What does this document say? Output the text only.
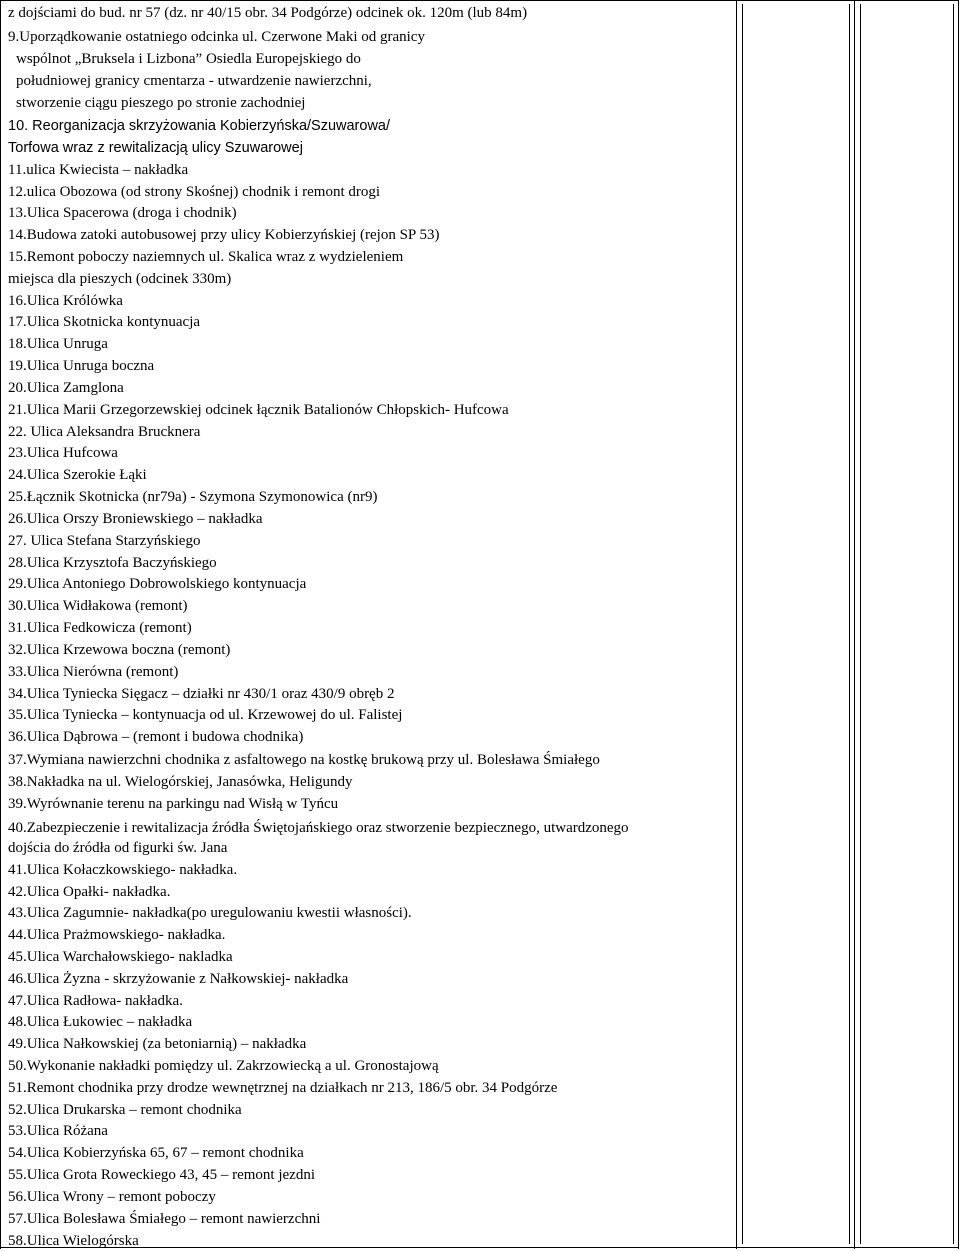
z dojściami do bud. nr 57 (dz. nr 40/15 obr. 34 Podgórze) odcinek ok. 120m (lub 84m)
9.Uporządkowanie ostatniego odcinka ul. Czerwone Maki od granicy
wspólnot „Bruksela i Lizbona” Osiedla Europejskiego do
południowej granicy cmentarza - utwardzenie nawierzchni,
stworzenie ciągu pieszego po stronie zachodniej
10. Reorganizacja skrzyżowania Kobierzyńska/Szuwarowa/
Torfowa wraz z rewitalizacją ulicy Szuwarowej
11.ulica Kwiecista – nakładka
12.ulica Obozowa (od strony Skośnej) chodnik i remont drogi
13.Ulica Spacerowa (droga i chodnik)
14.Budowa zatoki autobusowej przy ulicy Kobierzyńskiej (rejon SP 53)
15.Remont poboczy naziemnych ul. Skalica wraz z wydzieleniem
miejsca dla pieszych (odcinek 330m)
16.Ulica Królówka
17.Ulica Skotnicka kontynuacja
18.Ulica Unruga
19.Ulica Unruga boczna
20.Ulica Zamglona
21.Ulica Marii Grzegorzewskiej odcinek łącznik Batalionów Chłopskich- Hufcowa
22. Ulica Aleksandra Brucknera
23.Ulica Hufcowa
24.Ulica Szerokie Łąki
25.Łącznik Skotnicka (nr79a) - Szymona Szymonowica (nr9)
26.Ulica Orszy Broniewskiego – nakładka
27. Ulica Stefana Starzyńskiego
28.Ulica Krzysztofa Baczyńskiego
29.Ulica Antoniego Dobrowolskiego kontynuacja
30.Ulica Widłakowa (remont)
31.Ulica Fedkowicza (remont)
32.Ulica Krzewowa boczna (remont)
33.Ulica Nierówna (remont)
34.Ulica Tyniecka Sięgacz – działki nr 430/1 oraz 430/9 obręb 2
35.Ulica Tyniecka – kontynuacja od ul. Krzewowej do ul. Falistej
36.Ulica Dąbrowa – (remont i budowa chodnika)
37.Wymiana nawierzchni chodnika z asfaltowego na kostkę brukową przy ul. Bolesława Śmiałego
38.Nakładka na ul. Wielogórskiej, Janasówka, Heligundy
39.Wyrównanie terenu na parkingu nad Wisłą w Tyńcu
40.Zabezpieczenie i rewitalizacja źródła Świętojańskiego oraz stworzenie bezpiecznego, utwardzonego
dojścia do źródła od figurki św. Jana
41.Ulica Kołaczkowskiego- nakładka.
42.Ulica Opałki- nakładka.
43.Ulica Zagumnie- nakładka(po uregulowaniu kwestii własności).
44.Ulica Prażmowskiego- nakładka.
45.Ulica Warchałowskiego- nakladka
46.Ulica Żyzna - skrzyżowanie z Nałkowskiej- nakładka
47.Ulica Radłowa- nakładka.
48.Ulica Łukowiec – nakładka
49.Ulica Nałkowskiej (za betoniarnią) – nakładka
50.Wykonanie nakładki pomiędzy ul. Zakrzowiecką a ul. Gronostajową
51.Remont chodnika przy drodze wewnętrznej na działkach nr 213, 186/5 obr. 34 Podgórze
52.Ulica Drukarska – remont chodnika
53.Ulica Różana
54.Ulica Kobierzyńska 65, 67 – remont chodnika
55.Ulica Grota Roweckiego 43, 45 – remont jezdni
56.Ulica Wrony – remont poboczy
57.Ulica Bolesława Śmiałego – remont nawierzchni
58.Ulica Wielogórska
